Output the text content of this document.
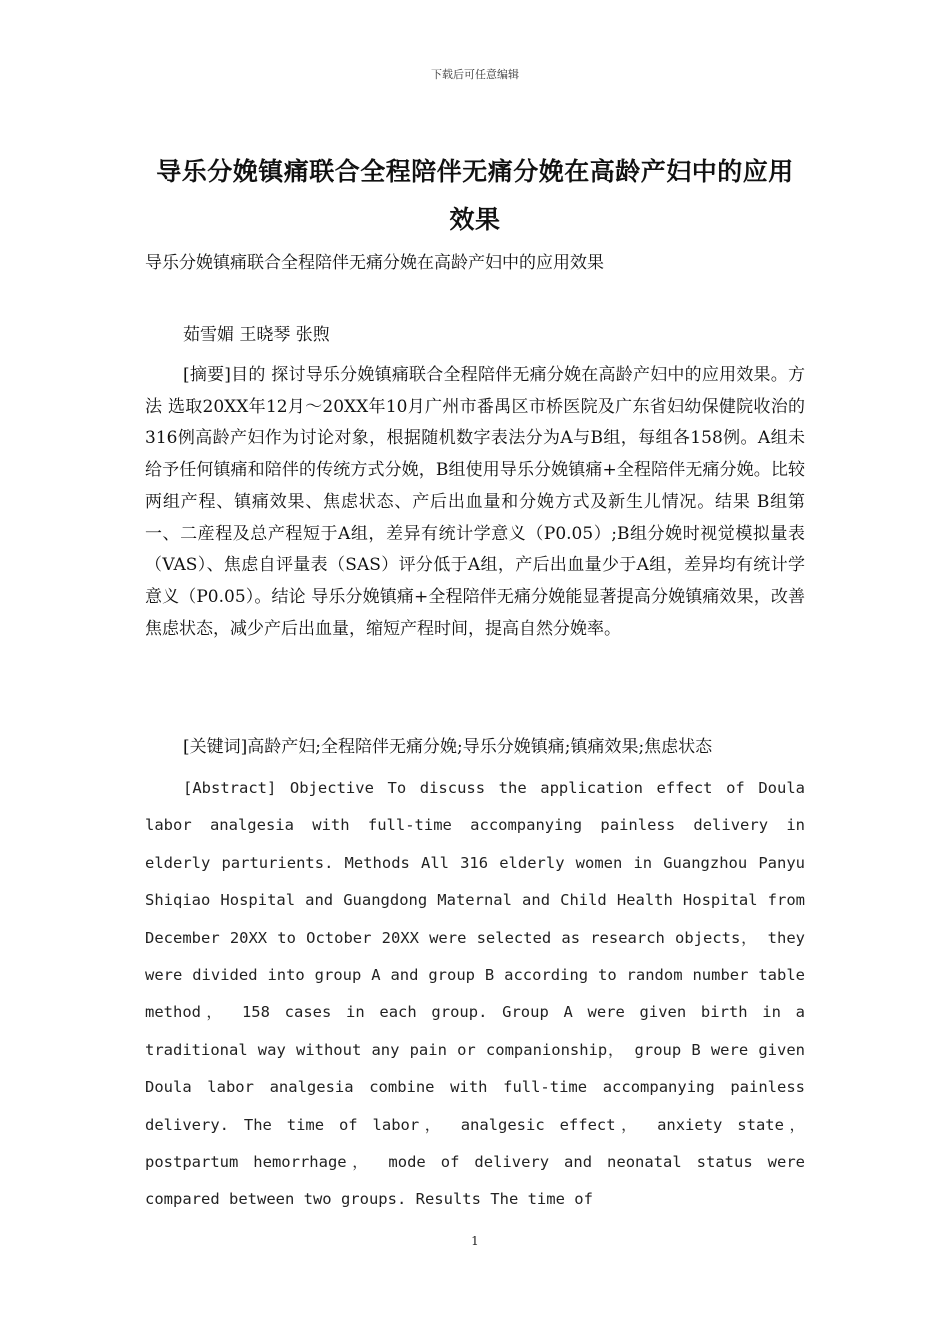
下载后可任意编辑
导乐分娩镇痛联合全程陪伴无痛分娩在高龄产妇中的应用效果
导乐分娩镇痛联合全程陪伴无痛分娩在高龄产妇中的应用效果
茹雪媚 王晓琴 张煦

[摘要]目的 探讨导乐分娩镇痛联合全程陪伴无痛分娩在高龄产妇中的应用效果。方法 选取20XX年12月～20XX年10月广州市番禺区市桥医院及广东省妇幼保健院收治的316例高龄产妇作为讨论对象，根据随机数字表法分为A与B组，每组各158例。A组未给予任何镇痛和陪伴的传统方式分娩，B组使用导乐分娩镇痛+全程陪伴无痛分娩。比较两组产程、镇痛效果、焦虑状态、产后出血量和分娩方式及新生儿情况。结果 B组第一、二産程及总产程短于A组，差异有统计学意义（P0.05）;B组分娩时视觉模拟量表（VAS）、焦虑自评量表（SAS）评分低于A组，产后出血量少于A组，差异均有统计学意义（P0.05）。结论 导乐分娩镇痛+全程陪伴无痛分娩能显著提高分娩镇痛效果，改善焦虑状态，减少产后出血量，缩短产程时间，提高自然分娩率。

[关键词]高龄产妇;全程陪伴无痛分娩;导乐分娩镇痛;镇痛效果;焦虑状态

[Abstract] Objective To discuss the application effect of Doula labor analgesia with full-time accompanying painless delivery in elderly parturients. Methods All 316 elderly women in Guangzhou Panyu Shiqiao Hospital and Guangdong Maternal and Child Health Hospital from December 20XX to October 20XX were selected as research objects， they were divided into group A and group B according to random number table method， 158 cases in each group. Group A were given birth in a traditional way without any pain or companionship， group B were given Doula labor analgesia combine with full-time accompanying painless delivery. The time of labor， analgesic effect， anxiety state， postpartum hemorrhage， mode of delivery and neonatal status were compared between two groups. Results The time of

1
